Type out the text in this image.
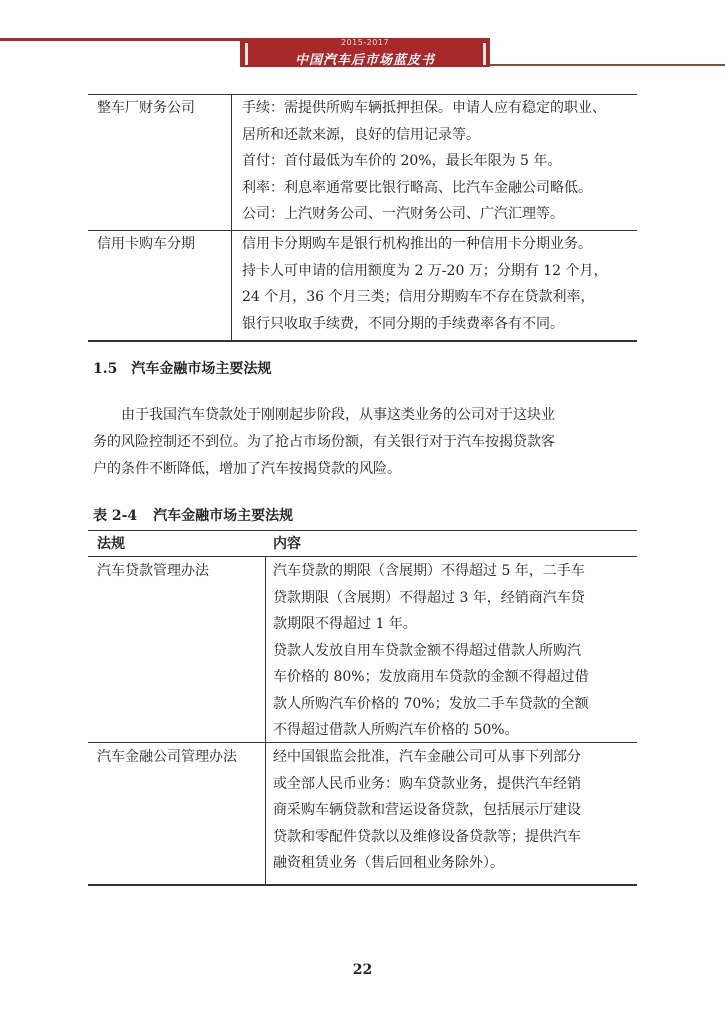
2015-2017
中国汽车后市场蓝皮书
整车厂财务公司	手续：需提供所购车辆抵押担保。申请人应有稳定的职业、
居所和还款来源，良好的信用记录等。
首付：首付最低为车价的 20%，最长年限为 5 年。
利率：利息率通常要比银行略高、比汽车金融公司略低。
公司：上汽财务公司、一汽财务公司、广汽汇理等。
信用卡购车分期	信用卡分期购车是银行机构推出的一种信用卡分期业务。
持卡人可申请的信用额度为 2 万-20 万；分期有 12 个月，
24 个月，36 个月三类；信用分期购车不存在贷款利率，
银行只收取手续费，不同分期的手续费率各有不同。
1.5 汽车金融市场主要法规
由于我国汽车贷款处于刚刚起步阶段，从事这类业务的公司对于这块业
务的风险控制还不到位。为了抢占市场份额，有关银行对于汽车按揭贷款客
户的条件不断降低，增加了汽车按揭贷款的风险。
表 2-4 汽车金融市场主要法规
法规	内容
汽车贷款管理办法	汽车贷款的期限（含展期）不得超过 5 年，二手车
贷款期限（含展期）不得超过 3 年，经销商汽车贷
款期限不得超过 1 年。
贷款人发放自用车贷款金额不得超过借款人所购汽
车价格的 80%；发放商用车贷款的金额不得超过借
款人所购汽车价格的 70%；发放二手车贷款的全额
不得超过借款人所购汽车价格的 50%。
汽车金融公司管理办法	经中国银监会批准，汽车金融公司可从事下列部分
或全部人民币业务：购车贷款业务，提供汽车经销
商采购车辆贷款和营运设备贷款，包括展示厅建设
贷款和零配件贷款以及维修设备贷款等；提供汽车
融资租赁业务（售后回租业务除外）。
22
